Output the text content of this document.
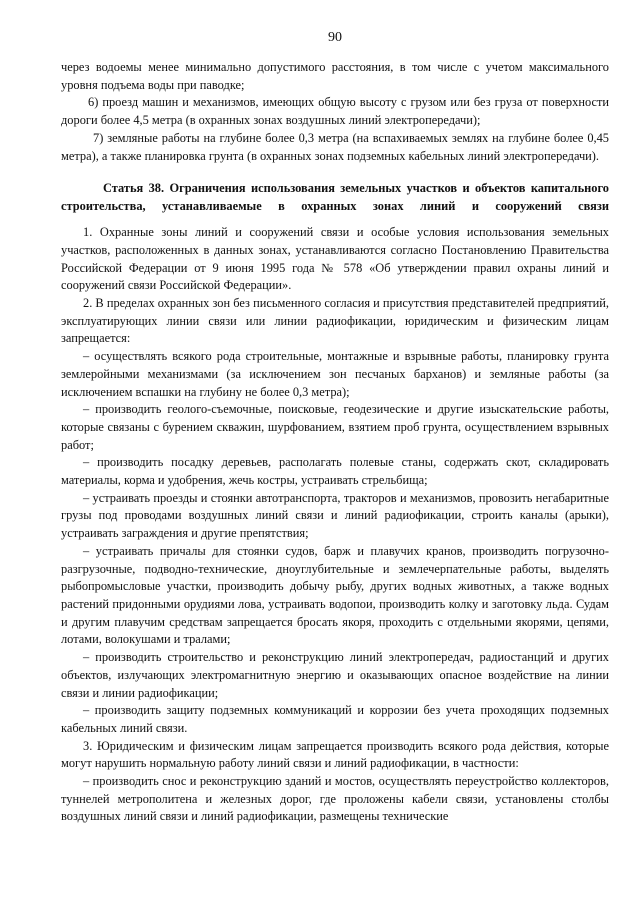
90

через водоемы менее минимально допустимого расстояния, в том числе с учетом максимального уровня подъема воды при паводке;

6) проезд машин и механизмов, имеющих общую высоту с грузом или без груза от поверхности дороги более 4,5 метра (в охранных зонах воздушных линий электропередачи);

7) земляные работы на глубине более 0,3 метра (на вспахиваемых землях на глубине более 0,45 метра), а также планировка грунта (в охранных зонах подземных кабельных линий электропередачи).

Статья 38. Ограничения использования земельных участков и объектов капитального строительства, устанавливаемые в охранных зонах линий и сооружений связи

1. Охранные зоны линий и сооружений связи и особые условия использования земельных участков, расположенных в данных зонах, устанавливаются согласно Постановлению Правительства Российской Федерации от 9 июня 1995 года № 578 «Об утверждении правил охраны линий и сооружений связи Российской Федерации».

2. В пределах охранных зон без письменного согласия и присутствия представителей предприятий, эксплуатирующих линии связи или линии радиофикации, юридическим и физическим лицам запрещается:

– осуществлять всякого рода строительные, монтажные и взрывные работы, планировку грунта землеройными механизмами (за исключением зон песчаных барханов) и земляные работы (за исключением вспашки на глубину не более 0,3 метра);

– производить геолого-съемочные, поисковые, геодезические и другие изыскательские работы, которые связаны с бурением скважин, шурфованием, взятием проб грунта, осуществлением взрывных работ;

– производить посадку деревьев, располагать полевые станы, содержать скот, складировать материалы, корма и удобрения, жечь костры, устраивать стрельбища;

– устраивать проезды и стоянки автотранспорта, тракторов и механизмов, провозить негабаритные грузы под проводами воздушных линий связи и линий радиофикации, строить каналы (арыки), устраивать заграждения и другие препятствия;

– устраивать причалы для стоянки судов, барж и плавучих кранов, производить погрузочно-разгрузочные, подводно-технические, дноуглубительные и землечерпательные работы, выделять рыбопромысловые участки, производить добычу рыбу, других водных животных, а также водных растений придонными орудиями лова, устраивать водопои, производить колку и заготовку льда. Судам и другим плавучим средствам запрещается бросать якоря, проходить с отдельными якорями, цепями, лотами, волокушами и тралами;

– производить строительство и реконструкцию линий электропередач, радиостанций и других объектов, излучающих электромагнитную энергию и оказывающих опасное воздействие на линии связи и линии радиофикации;

– производить защиту подземных коммуникаций и коррозии без учета проходящих подземных кабельных линий связи.

3. Юридическим и физическим лицам запрещается производить всякого рода действия, которые могут нарушить нормальную работу линий связи и линий радиофикации, в частности:

– производить снос и реконструкцию зданий и мостов, осуществлять переустройство коллекторов, туннелей метрополитена и железных дорог, где проложены кабели связи, установлены столбы воздушных линий связи и линий радиофикации, размещены технические
